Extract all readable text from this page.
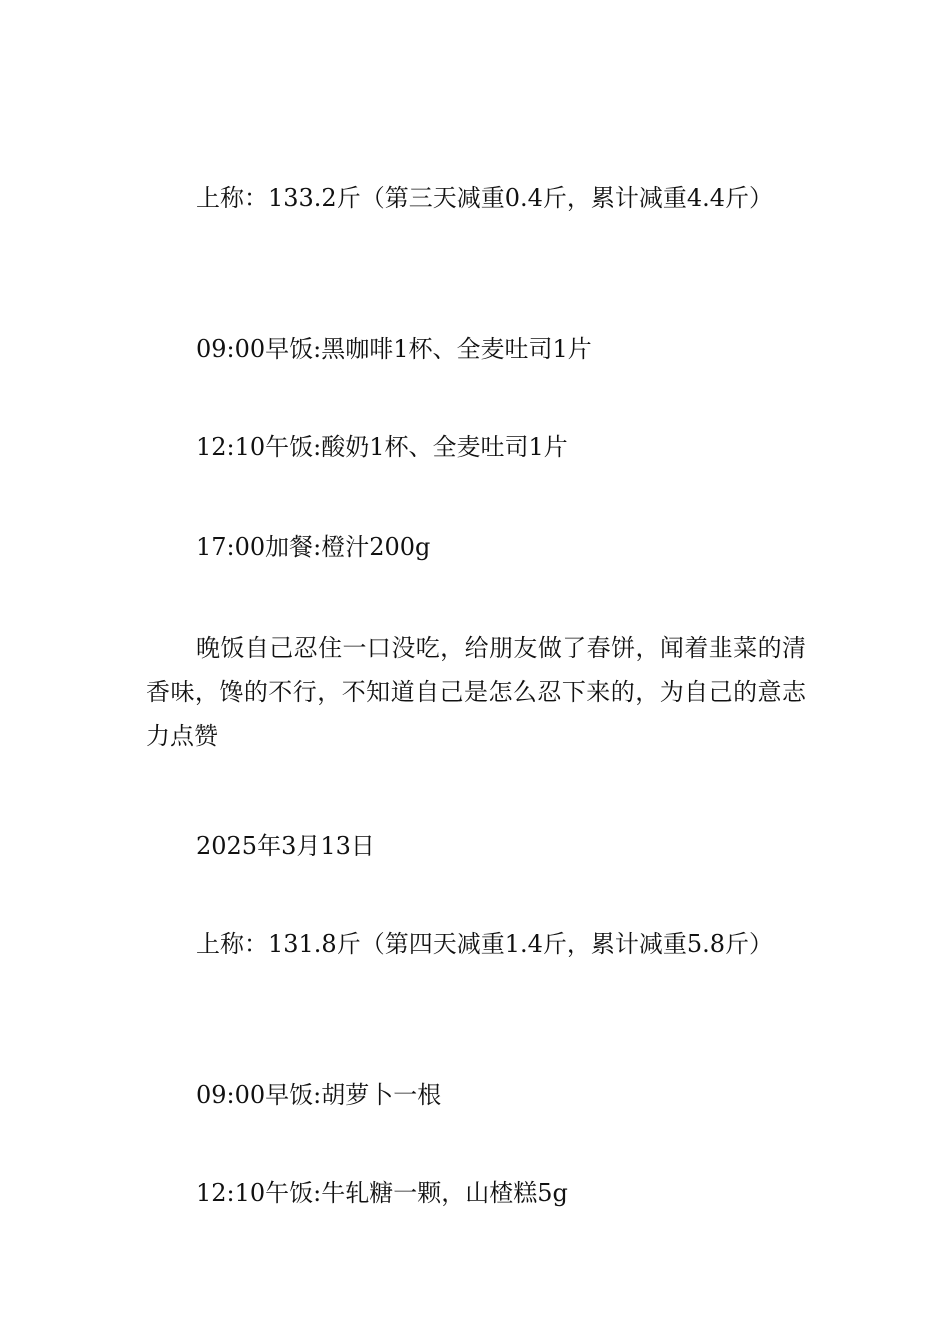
上称：133.2斤（第三天减重0.4斤，累计减重4.4斤）

09:00早饭:黑咖啡1杯、全麦吐司1片

12:10午饭:酸奶1杯、全麦吐司1片

17:00加餐:橙汁200g

晚饭自己忍住一口没吃，给朋友做了春饼，闻着韭菜的清香味，馋的不行，不知道自己是怎么忍下来的，为自己的意志力点赞

2025年3月13日

上称：131.8斤（第四天减重1.4斤，累计减重5.8斤）

09:00早饭:胡萝卜一根

12:10午饭:牛轧糖一颗，山楂糕5g
